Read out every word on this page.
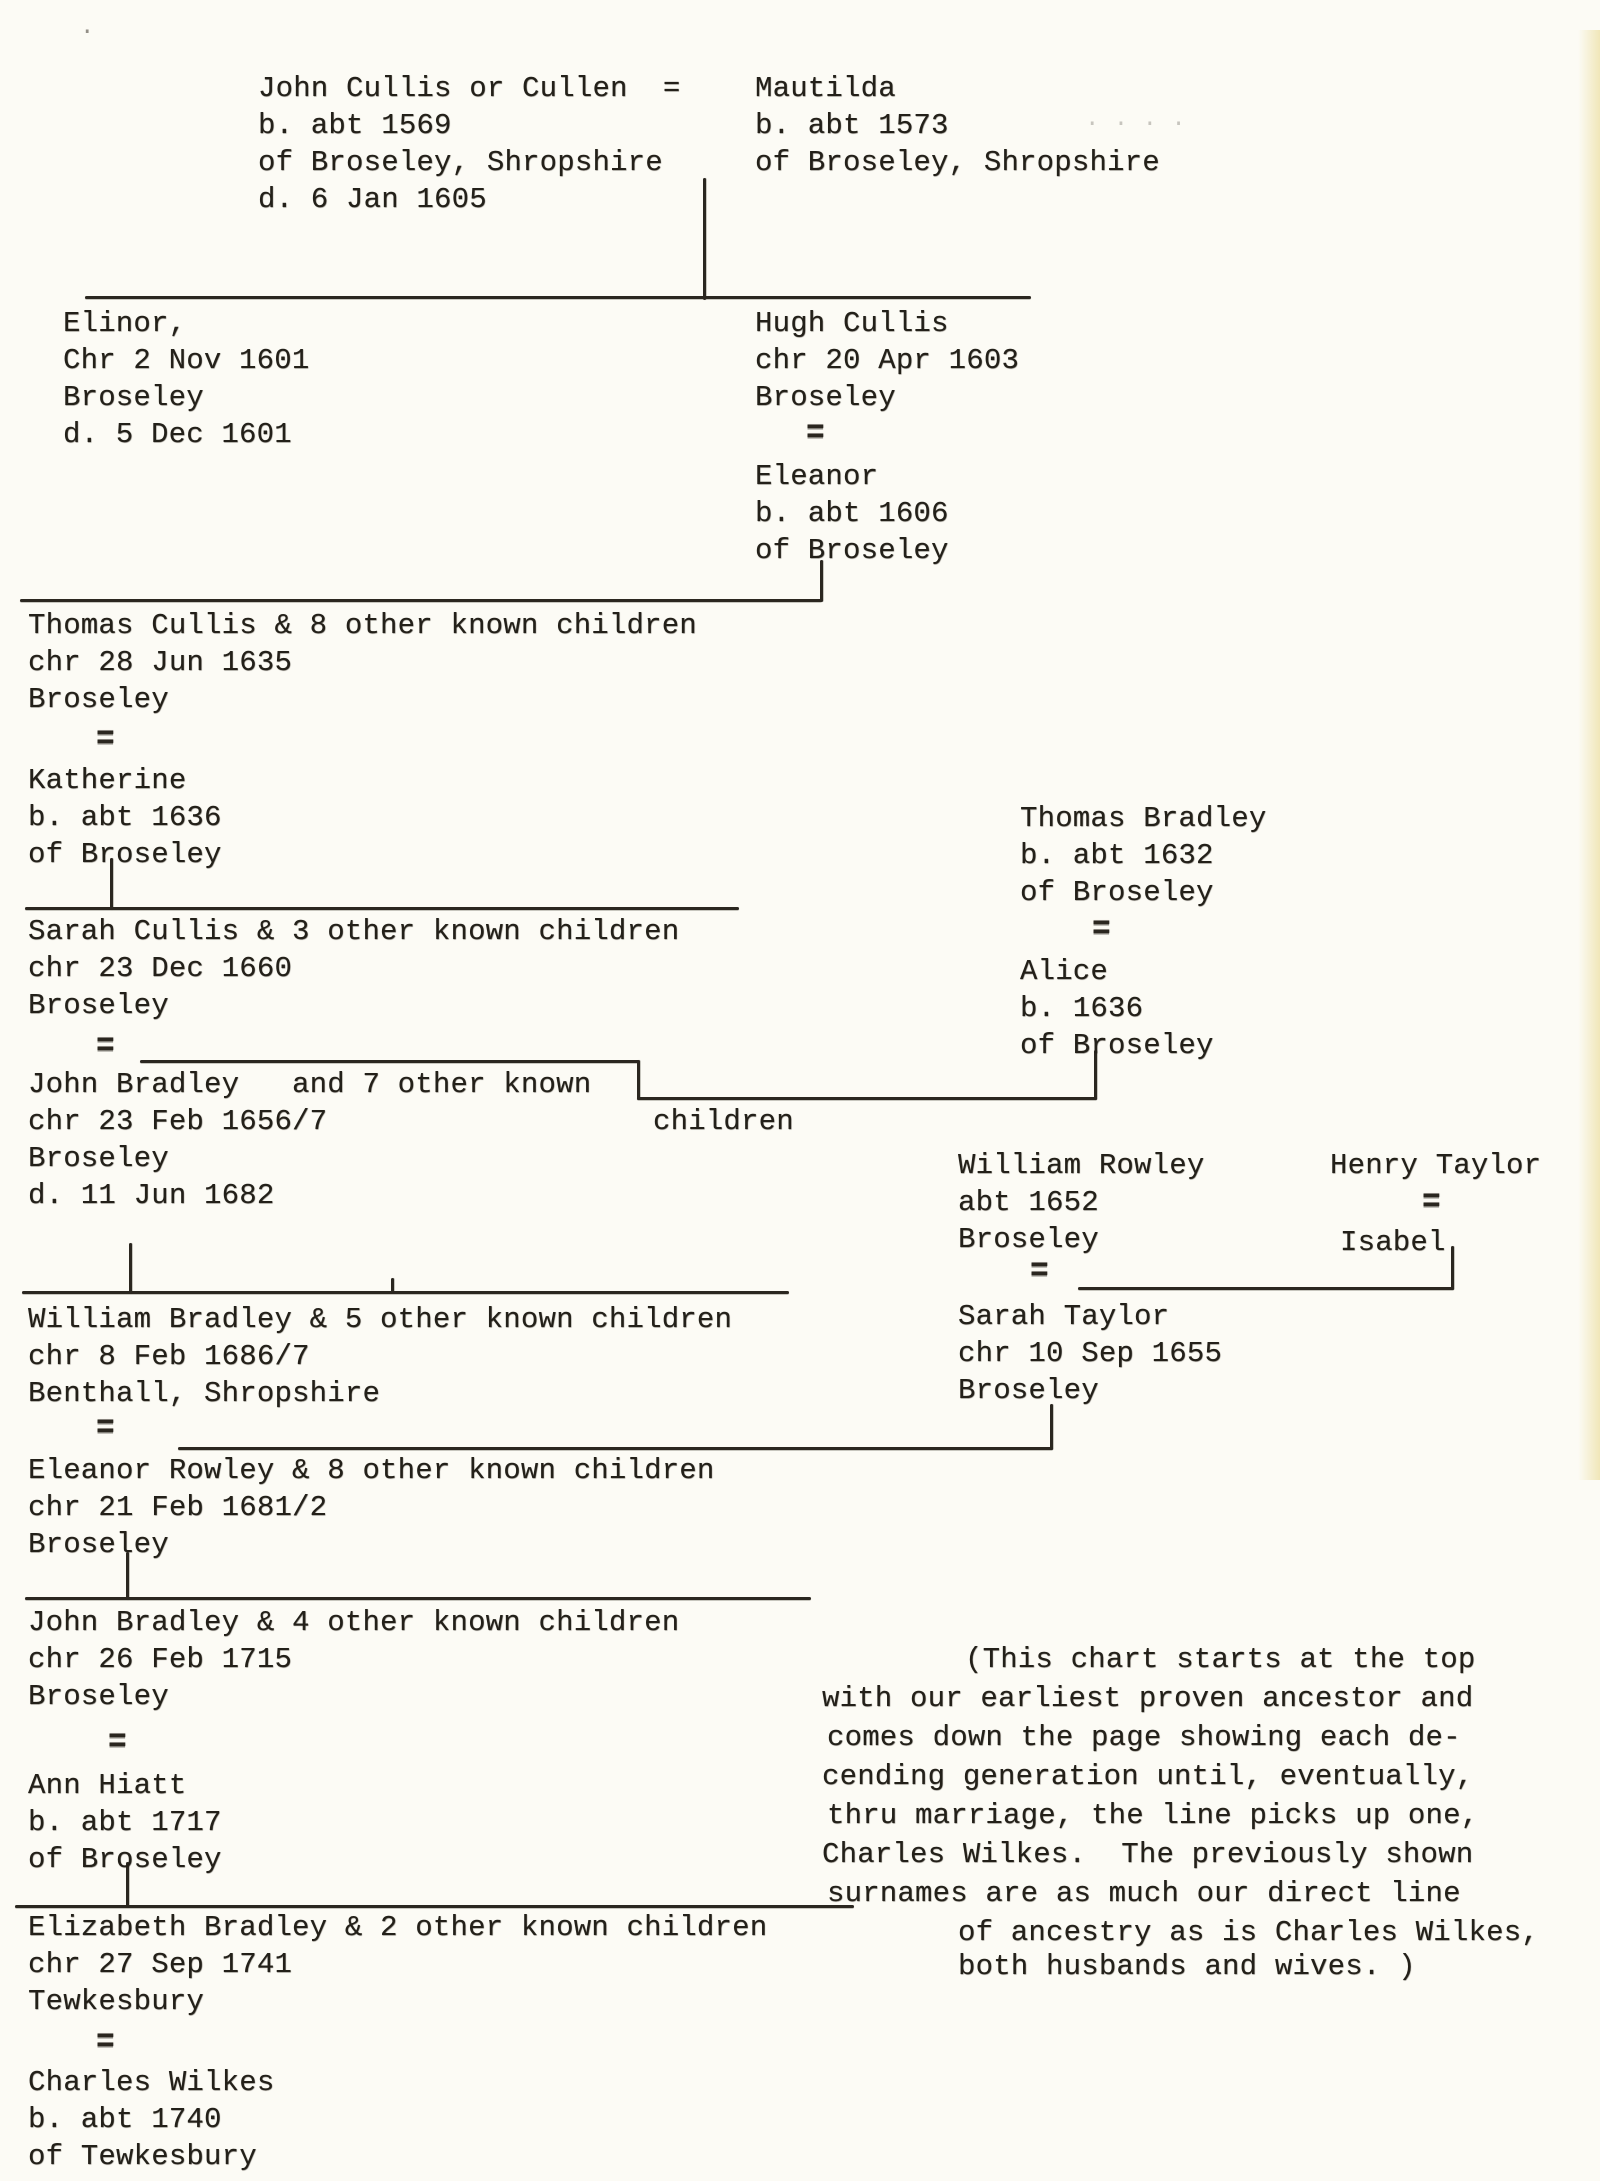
John Cullis or Cullen  =
b. abt 1569
of Broseley, Shropshire
d. 6 Jan 1605
Mautilda
b. abt 1573
of Broseley, Shropshire
Elinor,
Chr 2 Nov 1601
Broseley
d. 5 Dec 1601
Hugh Cullis
chr 20 Apr 1603
Broseley
Eleanor
b. abt 1606
of Broseley
Thomas Cullis & 8 other known children
chr 28 Jun 1635
Broseley
Katherine
b. abt 1636
of Broseley
Thomas Bradley
b. abt 1632
of Broseley
Alice
b. 1636
of Broseley
Sarah Cullis & 3 other known children
chr 23 Dec 1660
Broseley
John Bradley   and 7 other known
chr 23 Feb 1656/7
Broseley
d. 11 Jun 1682
children
William Rowley
abt 1652
Broseley
Henry Taylor
Isabel
Sarah Taylor
chr 10 Sep 1655
Broseley
William Bradley & 5 other known children
chr 8 Feb 1686/7
Benthall, Shropshire
Eleanor Rowley & 8 other known children
chr 21 Feb 1681/2
Broseley
John Bradley & 4 other known children
chr 26 Feb 1715
Broseley
Ann Hiatt
b. abt 1717
of Broseley
Elizabeth Bradley & 2 other known children
chr 27 Sep 1741
Tewkesbury
Charles Wilkes
b. abt 1740
of Tewkesbury
=
=
=
=
=
=
=
=
=
(This chart starts at the top
with our earliest proven ancestor and
comes down the page showing each de-
cending generation until, eventually,
thru marriage, the line picks up one,
Charles Wilkes.  The previously shown
surnames are as much our direct line
of ancestry as is Charles Wilkes,
both husbands and wives. )
.
. . . .
